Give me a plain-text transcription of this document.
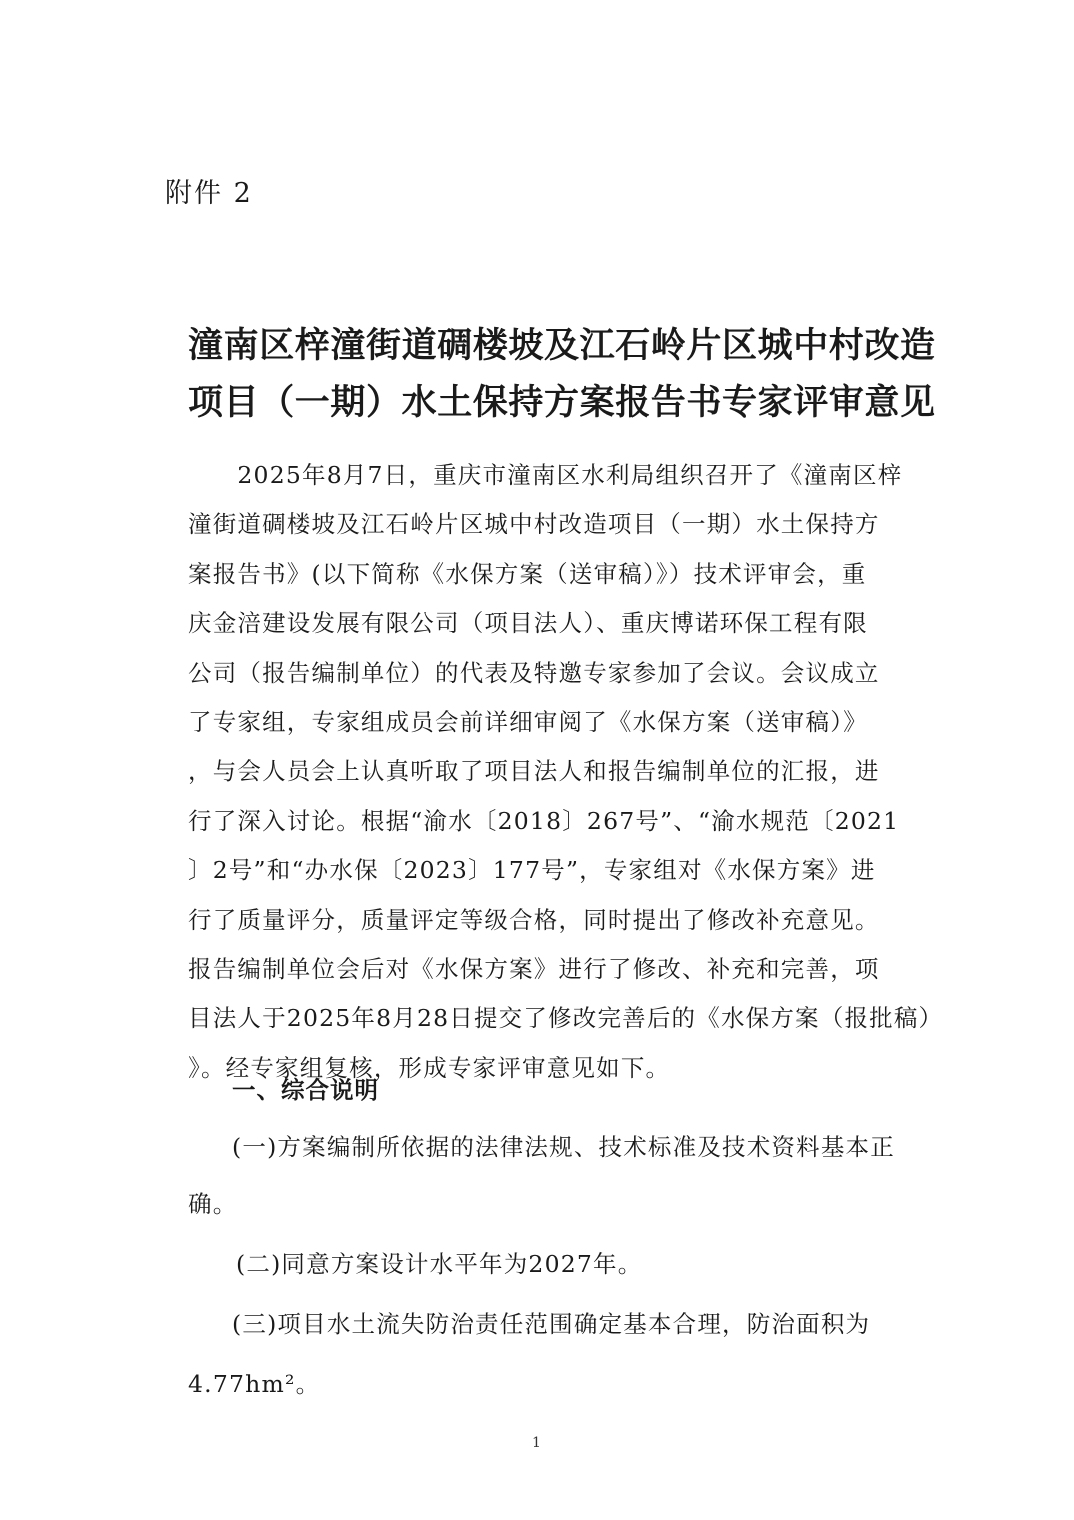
附件 2
潼南区梓潼街道碉楼坡及江石岭片区城中村改造
项目（一期）水土保持方案报告书专家评审意见
　　2025年8月7日，重庆市潼南区水利局组织召开了《潼南区梓
潼街道碉楼坡及江石岭片区城中村改造项目（一期）水土保持方
案报告书》(以下简称《水保方案（送审稿）》）技术评审会，重
庆金涪建设发展有限公司（项目法人）、重庆博诺环保工程有限
公司（报告编制单位）的代表及特邀专家参加了会议。会议成立
了专家组，专家组成员会前详细审阅了《水保方案（送审稿）》
，与会人员会上认真听取了项目法人和报告编制单位的汇报，进
行了深入讨论。根据“渝水〔2018〕267号”、“渝水规范〔2021
〕2号”和“办水保〔2023〕177号”，专家组对《水保方案》进
行了质量评分，质量评定等级合格，同时提出了修改补充意见。
报告编制单位会后对《水保方案》进行了修改、补充和完善，项
目法人于2025年8月28日提交了修改完善后的《水保方案（报批稿）
》。经专家组复核，形成专家评审意见如下。
一、综合说明
(一)方案编制所依据的法律法规、技术标准及技术资料基本正
确。
(二)同意方案设计水平年为2027年。
(三)项目水土流失防治责任范围确定基本合理，防治面积为
4.77hm²。
1
